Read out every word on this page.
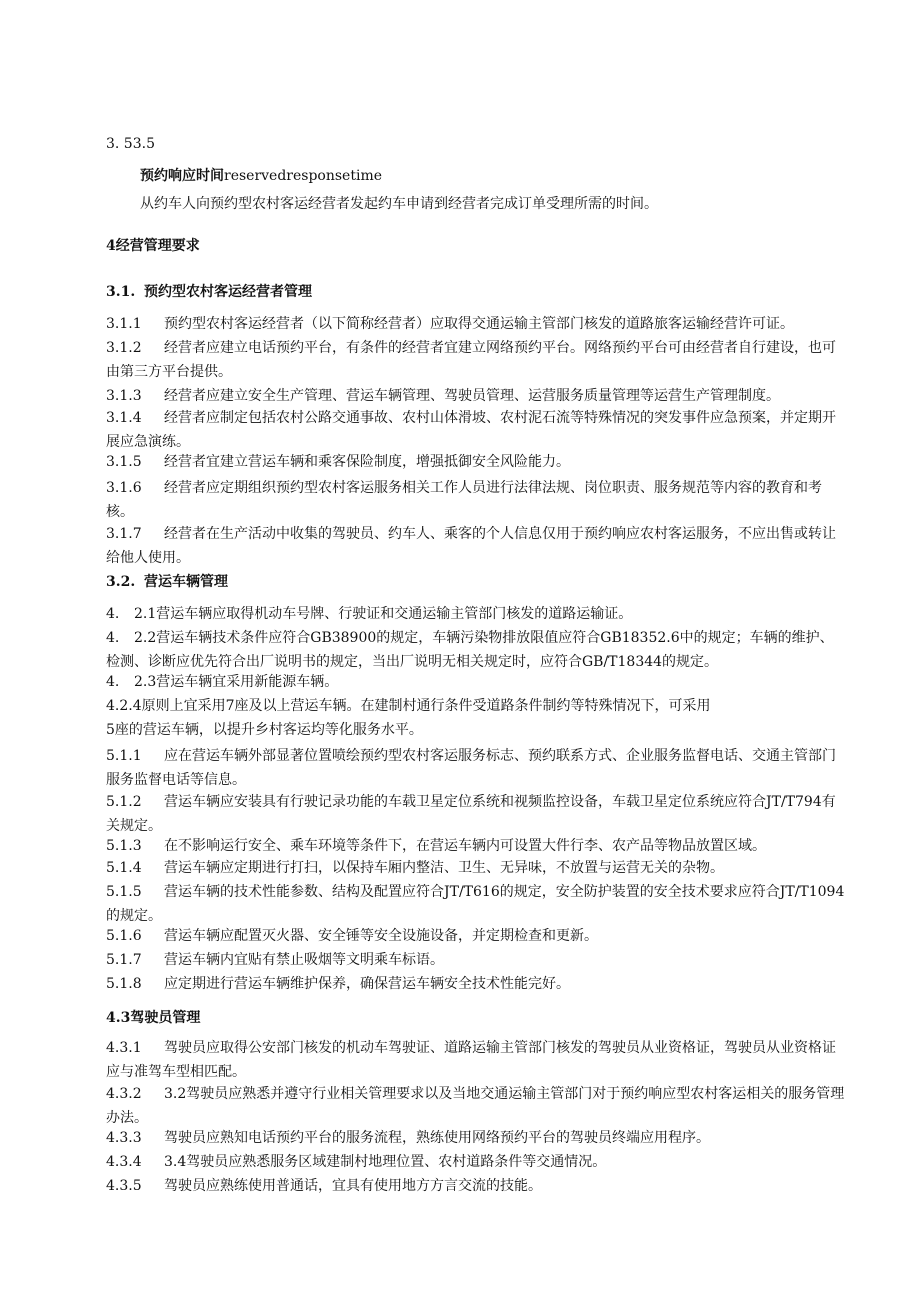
3. 53.5
预约响应时间reservedresponsetime
从约车人向预约型农村客运经营者发起约车申请到经营者完成订单受理所需的时间。
4经营管理要求
3.1. 预约型农村客运经营者管理
3.1.1 预约型农村客运经营者（以下简称经营者）应取得交通运输主管部门核发的道路旅客运输经营许可证。
3.1.2 经营者应建立电话预约平台，有条件的经营者宜建立网络预约平台。网络预约平台可由经营者自行建设，也可由第三方平台提供。
3.1.3 经营者应建立安全生产管理、营运车辆管理、驾驶员管理、运营服务质量管理等运营生产管理制度。
3.1.4 经营者应制定包括农村公路交通事故、农村山体滑坡、农村泥石流等特殊情况的突发事件应急预案，并定期开展应急演练。
3.1.5 经营者宜建立营运车辆和乘客保险制度，增强抵御安全风险能力。
3.1.6 经营者应定期组织预约型农村客运服务相关工作人员进行法律法规、岗位职责、服务规范等内容的教育和考核。
3.1.7 经营者在生产活动中收集的驾驶员、约车人、乘客的个人信息仅用于预约响应农村客运服务，不应出售或转让给他人使用。
3.2. 营运车辆管理
4. 2.1营运车辆应取得机动车号牌、行驶证和交通运输主管部门核发的道路运输证。
4. 2.2营运车辆技术条件应符合GB38900的规定，车辆污染物排放限值应符合GB18352.6中的规定；车辆的维护、检测、诊断应优先符合出厂说明书的规定，当出厂说明无相关规定时，应符合GB/T18344的规定。
4. 2.3营运车辆宜采用新能源车辆。
4.2.4原则上宜采用7座及以上营运车辆。在建制村通行条件受道路条件制约等特殊情况下，可采用
5座的营运车辆，以提升乡村客运均等化服务水平。
5.1.1 应在营运车辆外部显著位置喷绘预约型农村客运服务标志、预约联系方式、企业服务监督电话、交通主管部门服务监督电话等信息。
5.1.2 营运车辆应安装具有行驶记录功能的车载卫星定位系统和视频监控设备，车载卫星定位系统应符合JT/T794有关规定。
5.1.3 在不影响运行安全、乘车环境等条件下，在营运车辆内可设置大件行李、农产品等物品放置区域。
5.1.4 营运车辆应定期进行打扫，以保持车厢内整洁、卫生、无异味，不放置与运营无关的杂物。
5.1.5 营运车辆的技术性能参数、结构及配置应符合JT/T616的规定，安全防护装置的安全技术要求应符合JT/T1094的规定。
5.1.6 营运车辆应配置灭火器、安全锤等安全设施设备，并定期检查和更新。
5.1.7 营运车辆内宜贴有禁止吸烟等文明乘车标语。
5.1.8 应定期进行营运车辆维护保养，确保营运车辆安全技术性能完好。
4.3驾驶员管理
4.3.1 驾驶员应取得公安部门核发的机动车驾驶证、道路运输主管部门核发的驾驶员从业资格证，驾驶员从业资格证应与准驾车型相匹配。
4.3.2 3.2驾驶员应熟悉并遵守行业相关管理要求以及当地交通运输主管部门对于预约响应型农村客运相关的服务管理办法。
4.3.3 驾驶员应熟知电话预约平台的服务流程，熟练使用网络预约平台的驾驶员终端应用程序。
4.3.4 3.4驾驶员应熟悉服务区域建制村地理位置、农村道路条件等交通情况。
4.3.5 驾驶员应熟练使用普通话，宜具有使用地方方言交流的技能。
